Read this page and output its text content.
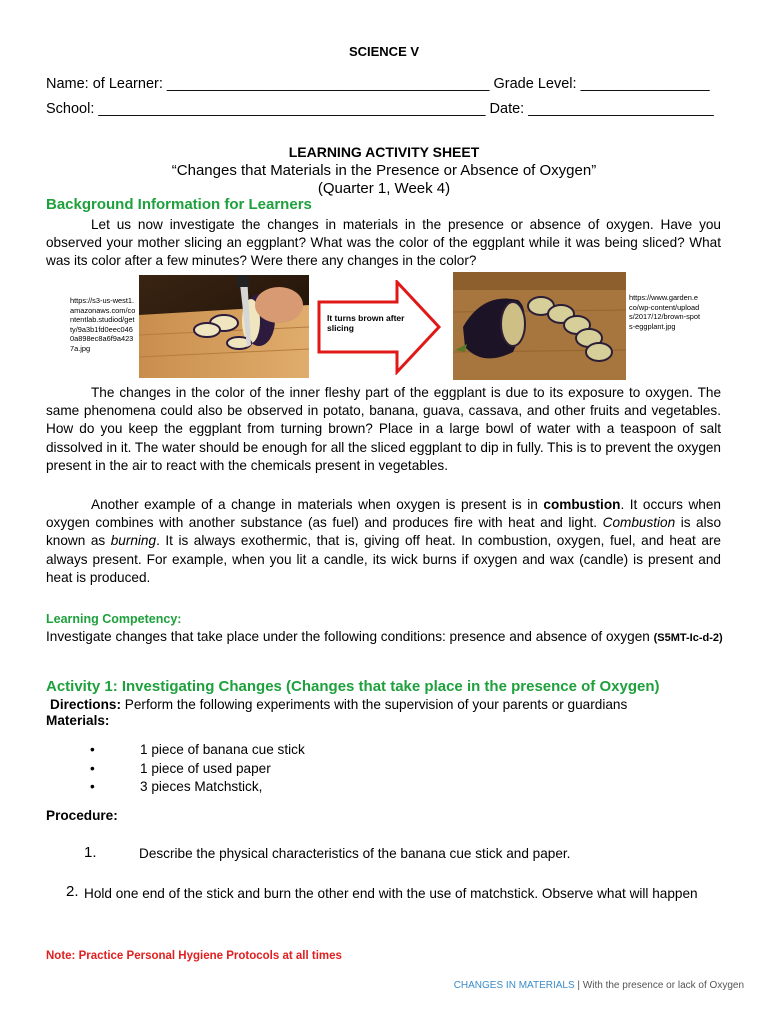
SCIENCE V
Name: of Learner: ________________________________________ Grade Level: ________________
School: ________________________________________________ Date: _______________________
LEARNING ACTIVITY SHEET
“Changes that Materials in the Presence or Absence of Oxygen”
(Quarter 1, Week 4)
Background Information for Learners
Let us now investigate the changes in materials in the presence or absence of oxygen. Have you observed your mother slicing an eggplant? What was the color of the eggplant while it was being sliced? What was its color after a few minutes? Were there any changes in the color?
https://s3-us-west1.amazonaws.com/contentlab.studiod/getty/9a3b1fd0eec0460a898ec8a6f9a4237a.jpg
It turns brown after slicing
https://www.garden.eco/wp-content/uploads/2017/12/brown-spots-eggplant.jpg
The changes in the color of the inner fleshy part of the eggplant is due to its exposure to oxygen. The same phenomena could also be observed in potato, banana, guava, cassava, and other fruits and vegetables. How do you keep the eggplant from turning brown? Place in a large bowl of water with a teaspoon of salt dissolved in it. The water should be enough for all the sliced eggplant to dip in fully. This is to prevent the oxygen present in the air to react with the chemicals present in vegetables.
Another example of a change in materials when oxygen is present is in combustion. It occurs when oxygen combines with another substance (as fuel) and produces fire with heat and light. Combustion is also known as burning. It is always exothermic, that is, giving off heat. In combustion, oxygen, fuel, and heat are always present. For example, when you lit a candle, its wick burns if oxygen and wax (candle) is present and heat is produced.
Learning Competency:
Investigate changes that take place under the following conditions: presence and absence of oxygen (S5MT-Ic-d-2)
Activity 1: Investigating Changes (Changes that take place in the presence of Oxygen)
Directions: Perform the following experiments with the supervision of your parents or guardians
Materials:
•	1 piece of banana cue stick
•	1 piece of used paper
•	3 pieces Matchstick,
Procedure:
1.	Describe the physical characteristics of the banana cue stick and paper.
2. Hold one end of the stick and burn the other end with the use of matchstick. Observe what will happen
Note: Practice Personal Hygiene Protocols at all times
CHANGES IN MATERIALS | With the presence or lack of Oxygen
